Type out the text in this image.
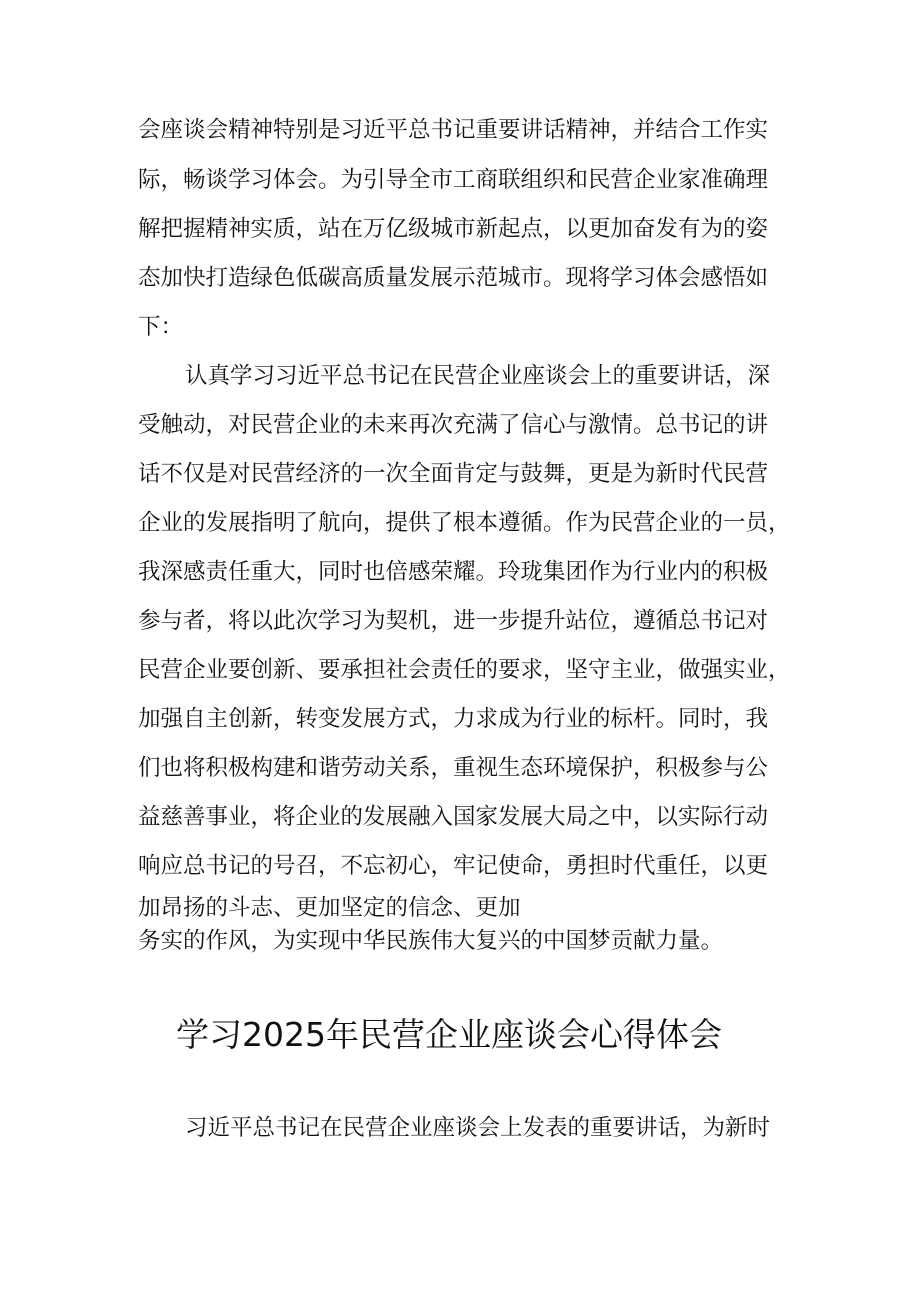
会座谈会精神特别是习近平总书记重要讲话精神，并结合工作实
际，畅谈学习体会。为引导全市工商联组织和民营企业家准确理
解把握精神实质，站在万亿级城市新起点，以更加奋发有为的姿
态加快打造绿色低碳高质量发展示范城市。现将学习体会感悟如
下：
认真学习习近平总书记在民营企业座谈会上的重要讲话，深
受触动，对民营企业的未来再次充满了信心与激情。总书记的讲
话不仅是对民营经济的一次全面肯定与鼓舞，更是为新时代民营
企业的发展指明了航向，提供了根本遵循。作为民营企业的一员，
我深感责任重大，同时也倍感荣耀。玲珑集团作为行业内的积极
参与者，将以此次学习为契机，进一步提升站位，遵循总书记对
民营企业要创新、要承担社会责任的要求，坚守主业，做强实业，
加强自主创新，转变发展方式，力求成为行业的标杆。同时，我
们也将积极构建和谐劳动关系，重视生态环境保护，积极参与公
益慈善事业，将企业的发展融入国家发展大局之中，以实际行动
响应总书记的号召，不忘初心，牢记使命，勇担时代重任，以更
加昂扬的斗志、更加坚定的信念、更加
务实的作风，为实现中华民族伟大复兴的中国梦贡献力量。
学习2025年民营企业座谈会心得体会
习近平总书记在民营企业座谈会上发表的重要讲话，为新时
